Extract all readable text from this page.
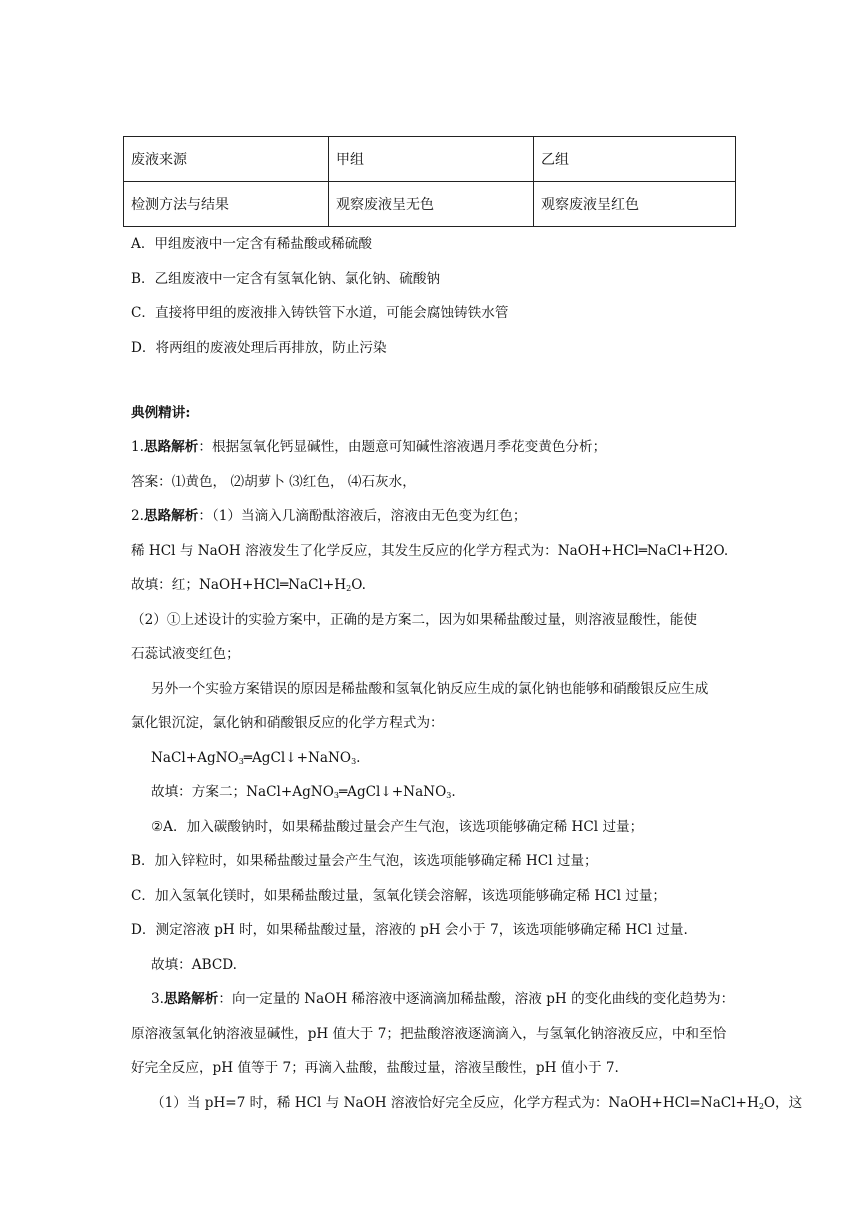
废液来源	甲组	乙组
检测方法与结果	观察废液呈无色	观察废液呈红色
A．甲组废液中一定含有稀盐酸或稀硫酸
B．乙组废液中一定含有氢氧化钠、氯化钠、硫酸钠
C．直接将甲组的废液排入铸铁管下水道，可能会腐蚀铸铁水管
D．将两组的废液处理后再排放，防止污染
典例精讲:
1.思路解析：根据氢氧化钙显碱性，由题意可知碱性溶液遇月季花变黄色分析；
答案：⑴黄色， ⑵胡萝卜 ⑶红色， ⑷石灰水，
2.思路解析：（1）当滴入几滴酚酞溶液后，溶液由无色变为红色；
稀 HCl 与 NaOH 溶液发生了化学反应，其发生反应的化学方程式为：NaOH+HCl═NaCl+H2O.
故填：红；$NaOH+HCl═NaCl+H_2O$.
（2）①上述设计的实验方案中，正确的是方案二，因为如果稀盐酸过量，则溶液显酸性，能使
石蕊试液变红色；
另外一个实验方案错误的原因是稀盐酸和氢氧化钠反应生成的氯化钠也能够和硝酸银反应生成
氯化银沉淀，氯化钠和硝酸银反应的化学方程式为：
NaCl+AgNO$_3$═AgCl↓+NaNO$_3$.
故填：方案二；NaCl+AgNO$_3$═AgCl↓+NaNO$_3$.
②A．加入碳酸钠时，如果稀盐酸过量会产生气泡，该选项能够确定稀 HCl 过量；
B．加入锌粒时，如果稀盐酸过量会产生气泡，该选项能够确定稀 HCl 过量；
C．加入氢氧化镁时，如果稀盐酸过量，氢氧化镁会溶解，该选项能够确定稀 HCl 过量；
D．测定溶液 pH 时，如果稀盐酸过量，溶液的 pH 会小于 7，该选项能够确定稀 HCl 过量.
故填：ABCD.
3.思路解析：向一定量的 NaOH 稀溶液中逐滴滴加稀盐酸，溶液 pH 的变化曲线的变化趋势为：
原溶液氢氧化钠溶液显碱性，pH 值大于 7；把盐酸溶液逐滴滴入，与氢氧化钠溶液反应，中和至恰
好完全反应，pH 值等于 7；再滴入盐酸，盐酸过量，溶液呈酸性，pH 值小于 7.
（1）当 pH=7 时，稀 HCl 与 NaOH 溶液恰好完全反应，化学方程式为：$NaOH+HCl=NaCl+H_2O$，这
